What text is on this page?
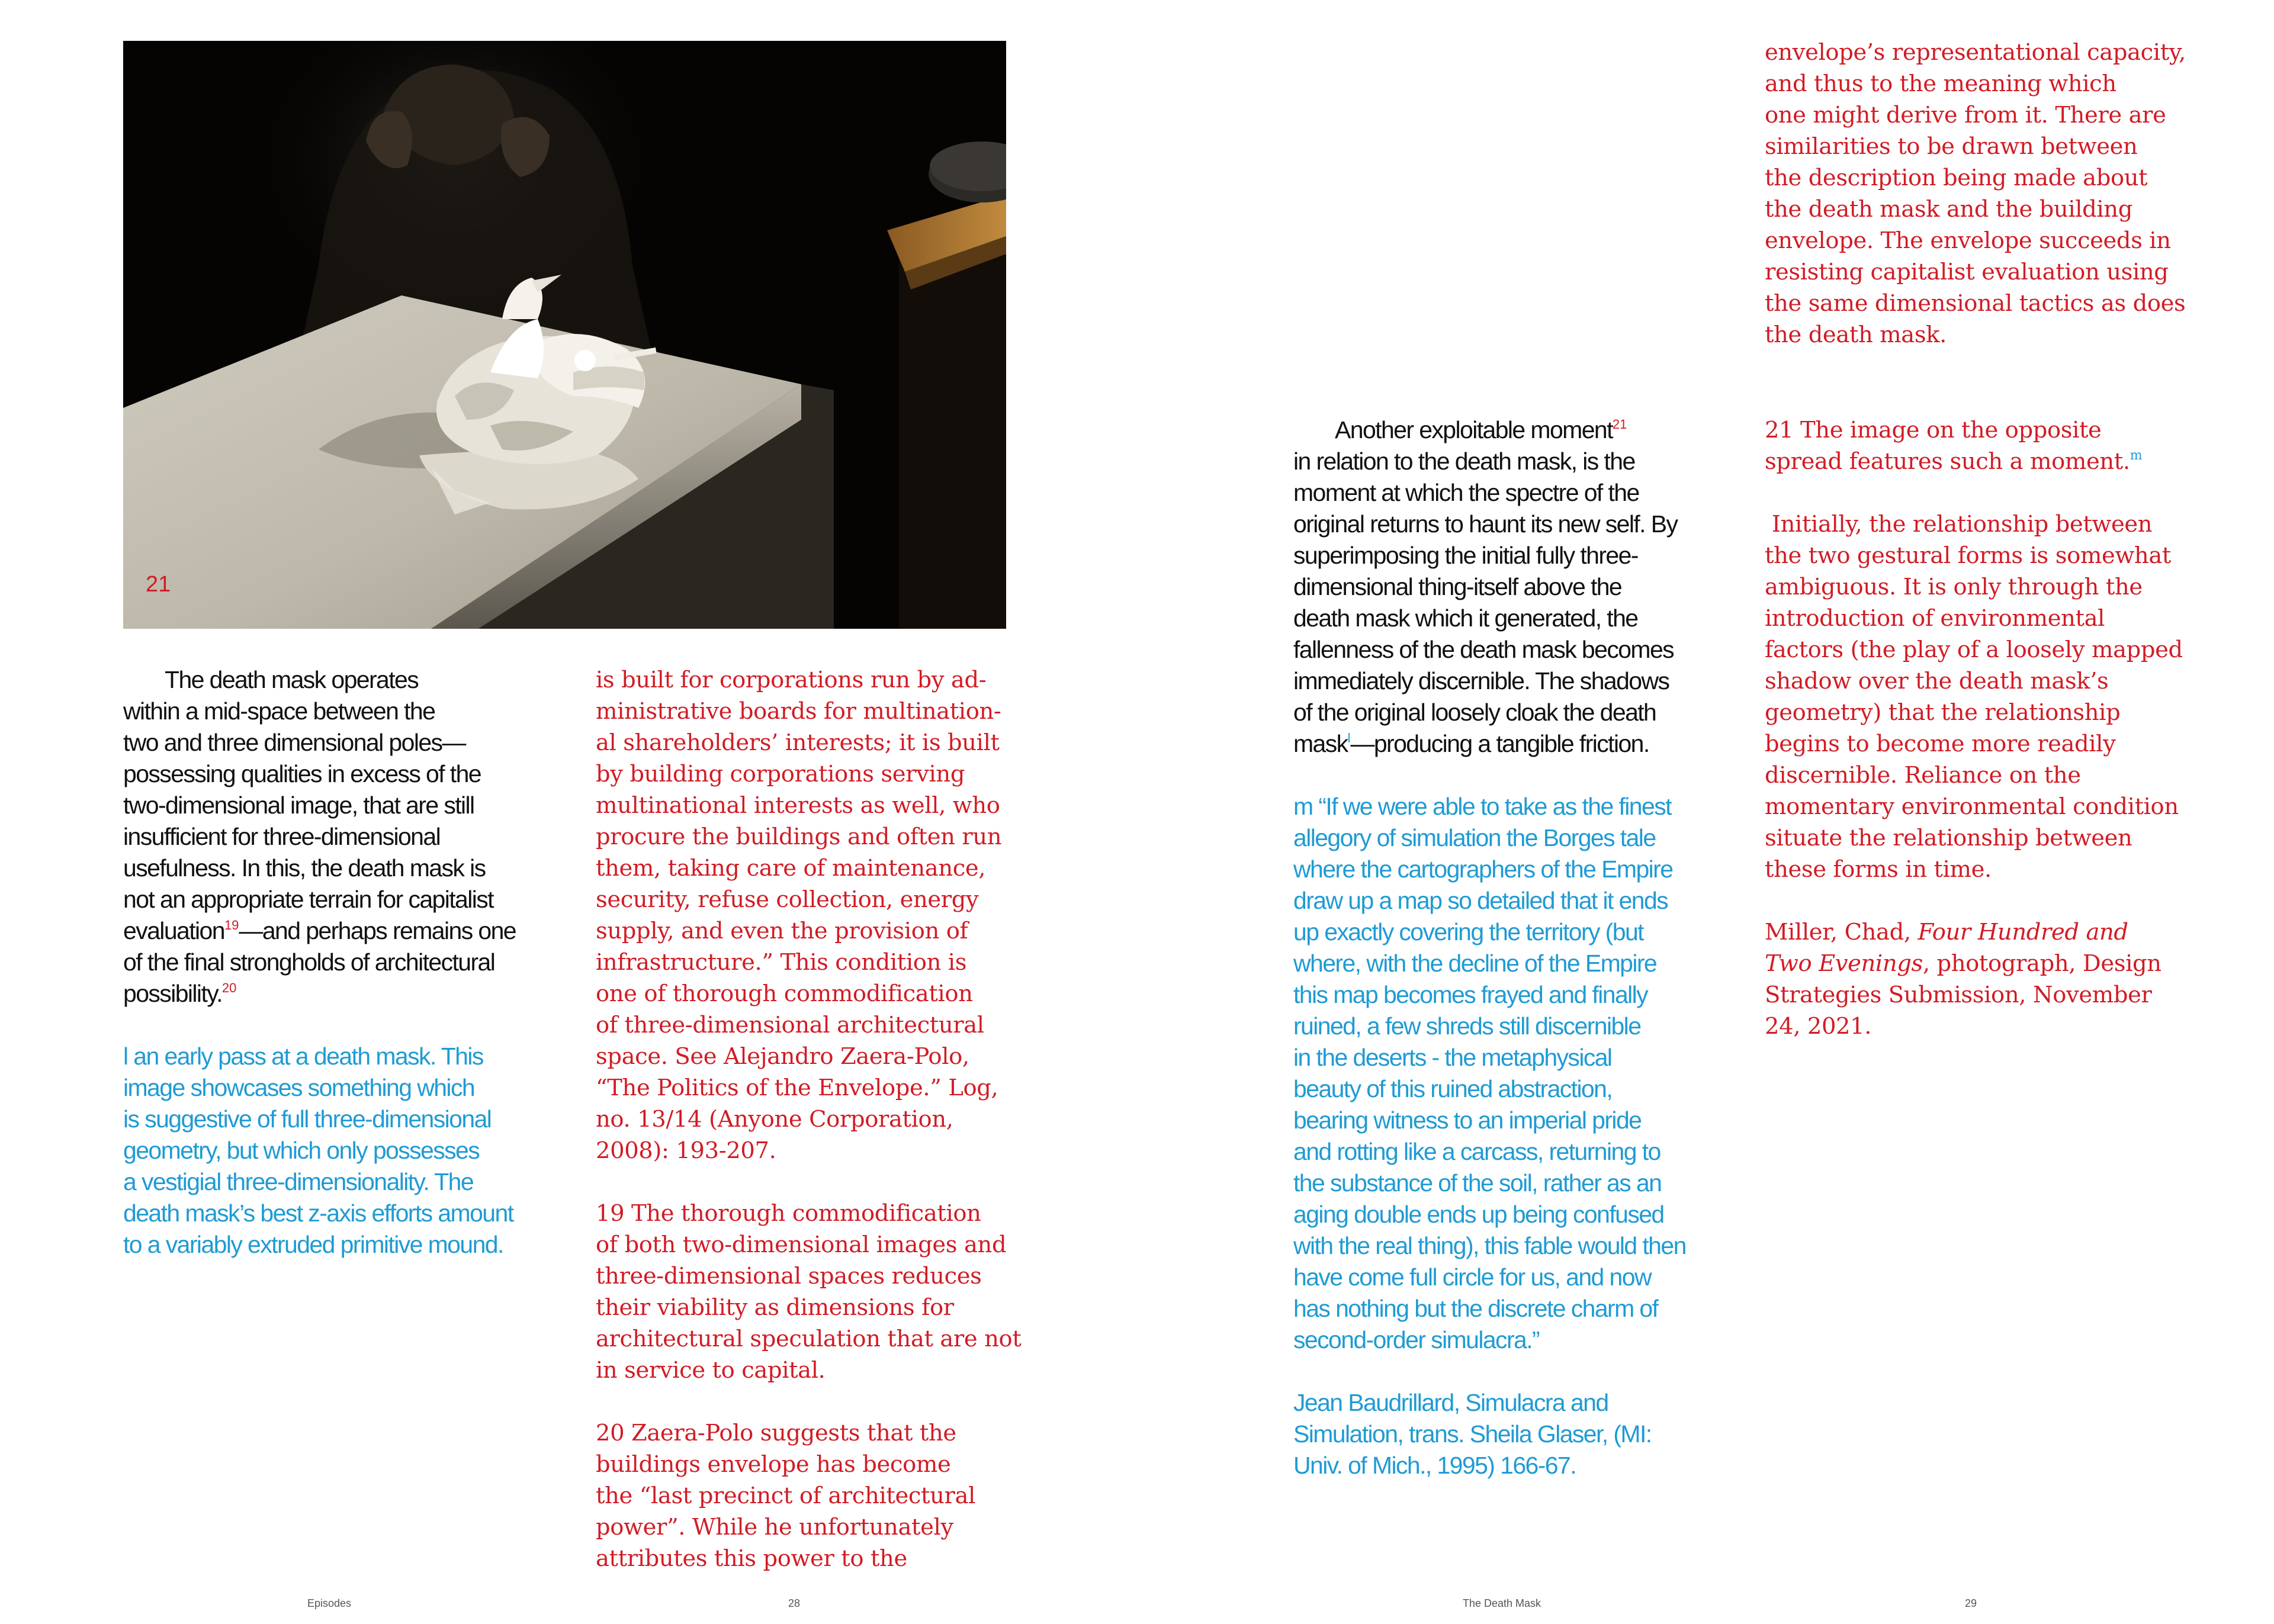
21

The death mask operates
within a mid-space between the
two and three dimensional poles—
possessing qualities in excess of the
two-dimensional image, that are still
insufficient for three-dimensional
usefulness. In this, the death mask is
not an appropriate terrain for capitalist
evaluation$^{19}$—and perhaps remains one
of the final strongholds of architectural
possibility.$^{20}$

l an early pass at a death mask. This
image showcases something which
is suggestive of full three-dimensional
geometry, but which only possesses
a vestigial three-dimensionality. The
death mask’s best z-axis efforts amount
to a variably extruded primitive mound.

is built for corporations run by ad-
ministrative boards for multination-
al shareholders’ interests; it is built
by building corporations serving
multinational interests as well, who
procure the buildings and often run
them, taking care of maintenance,
security, refuse collection, energy
supply, and even the provision of
infrastructure.” This condition is
one of thorough commodification
of three-dimensional architectural
space. See Alejandro Zaera-Polo,
“The Politics of the Envelope.” Log,
no. 13/14 (Anyone Corporation,
2008): 193-207.

19 The thorough commodification
of both two-dimensional images and
three-dimensional spaces reduces
their viability as dimensions for
architectural speculation that are not
in service to capital.

20 Zaera-Polo suggests that the
buildings envelope has become
the “last precinct of architectural
power”. While he unfortunately
attributes this power to the

envelope’s representational capacity,
and thus to the meaning which
one might derive from it. There are
similarities to be drawn between
the description being made about
the death mask and the building
envelope. The envelope succeeds in
resisting capitalist evaluation using
the same dimensional tactics as does
the death mask.

Another exploitable moment$^{21}$
in relation to the death mask, is the
moment at which the spectre of the
original returns to haunt its new self. By
superimposing the initial fully three-
dimensional thing-itself above the
death mask which it generated, the
fallenness of the death mask becomes
immediately discernible. The shadows
of the original loosely cloak the death
mask$^l$—producing a tangible friction.

m “If we were able to take as the finest
allegory of simulation the Borges tale
where the cartographers of the Empire
draw up a map so detailed that it ends
up exactly covering the territory (but
where, with the decline of the Empire
this map becomes frayed and finally
ruined, a few shreds still discernible
in the deserts - the metaphysical
beauty of this ruined abstraction,
bearing witness to an imperial pride
and rotting like a carcass, returning to
the substance of the soil, rather as an
aging double ends up being confused
with the real thing), this fable would then
have come full circle for us, and now
has nothing but the discrete charm of
second-order simulacra.”

Jean Baudrillard, Simulacra and
Simulation, trans. Sheila Glaser, (MI:
Univ. of Mich., 1995) 166-67.

21 The image on the opposite
spread features such a moment.$^m$

Initially, the relationship between
the two gestural forms is somewhat
ambiguous. It is only through the
introduction of environmental
factors (the play of a loosely mapped
shadow over the death mask’s
geometry) that the relationship
begins to become more readily
discernible. Reliance on the
momentary environmental condition
situate the relationship between
these forms in time.

Miller, Chad, Four Hundred and
Two Evenings, photograph, Design
Strategies Submission, November
24, 2021.

Episodes	28	The Death Mask	29
